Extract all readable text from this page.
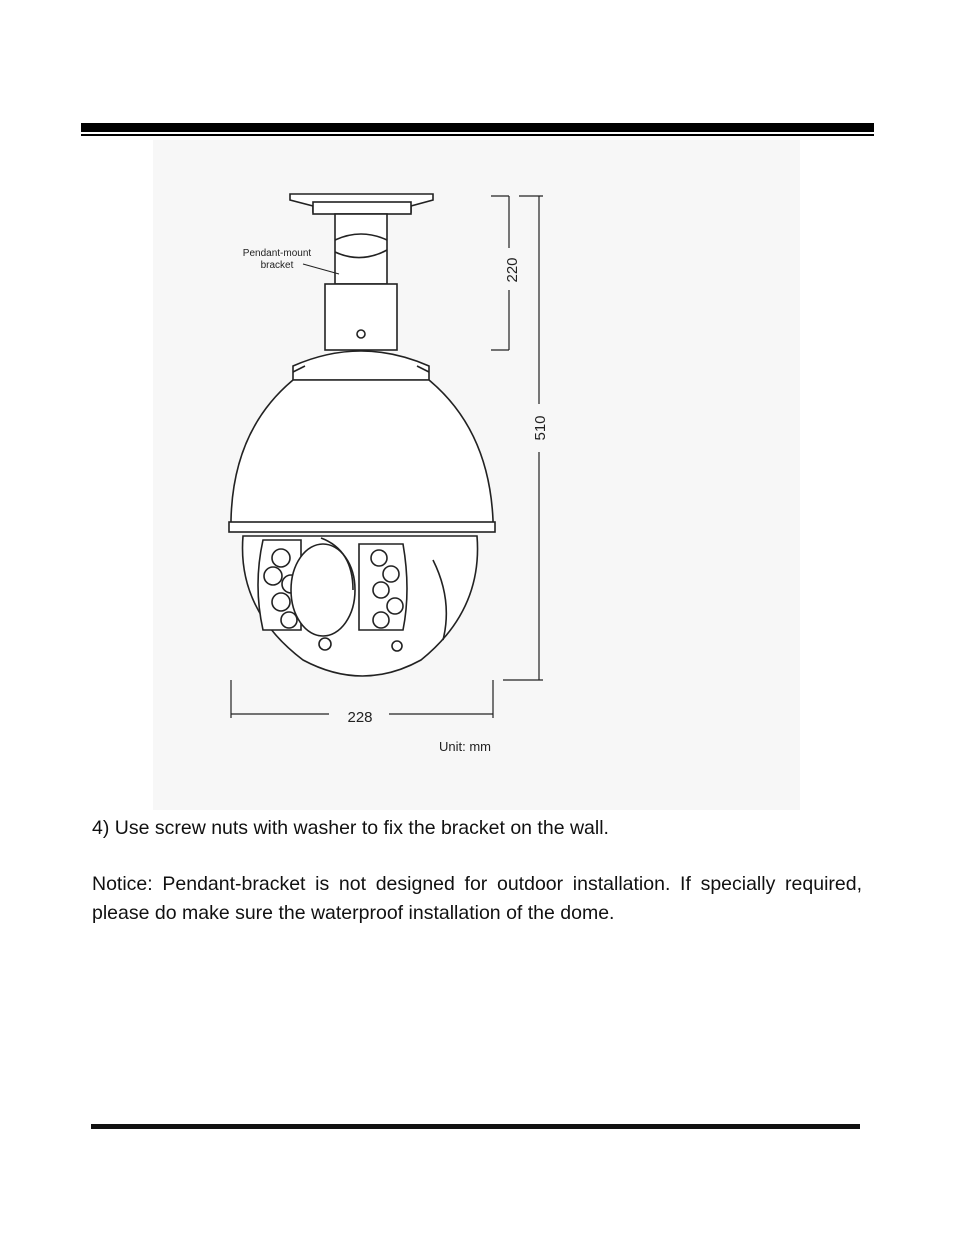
Pendant-mount
bracket	220
510
228
Unit: mm
4) Use screw nuts with washer to fix the bracket on the wall.
Notice: Pendant-bracket is not designed for outdoor installation. If specially required, please do make sure the waterproof installation of the dome.
